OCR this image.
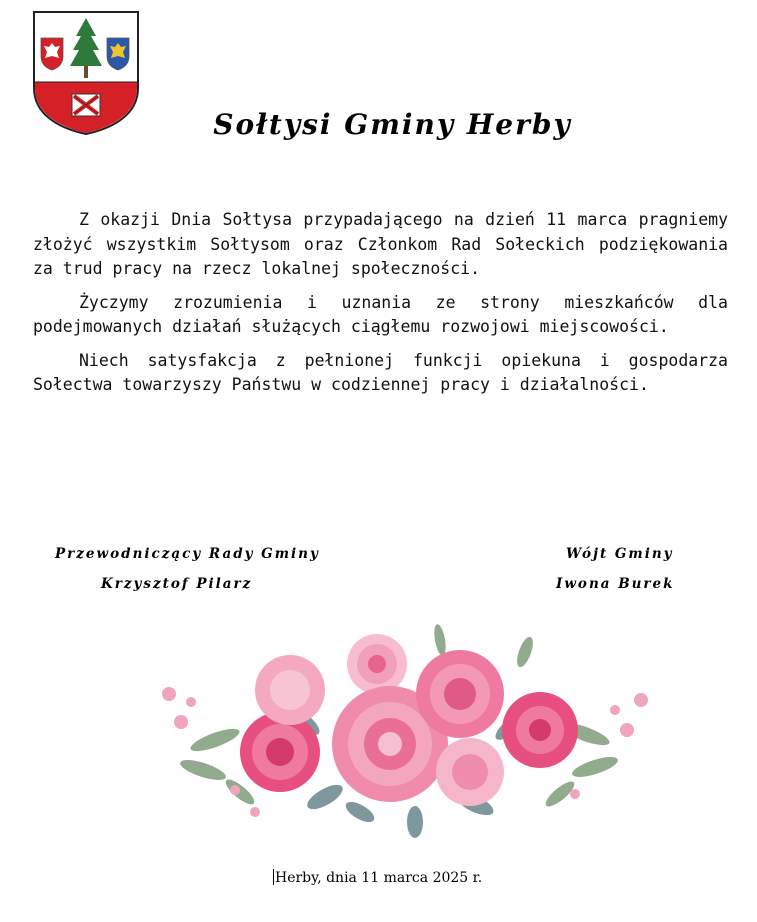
Sołtysi Gminy Herby

Z okazji Dnia Sołtysa przypadającego na dzień 11 marca pragniemy złożyć wszystkim Sołtysom oraz Członkom Rad Sołeckich podziękowania za trud pracy na rzecz lokalnej społeczności.

Życzymy zrozumienia i uznania ze strony mieszkańców dla podejmowanych działań służących ciągłemu rozwojowi miejscowości.

Niech satysfakcja z pełnionej funkcji opiekuna i gospodarza Sołectwa towarzyszy Państwu w codziennej pracy i działalności.

Przewodniczący Rady Gminy
Krzysztof Pilarz
Wójt Gminy
Iwona Burek
Herby, dnia 11 marca 2025 r.
